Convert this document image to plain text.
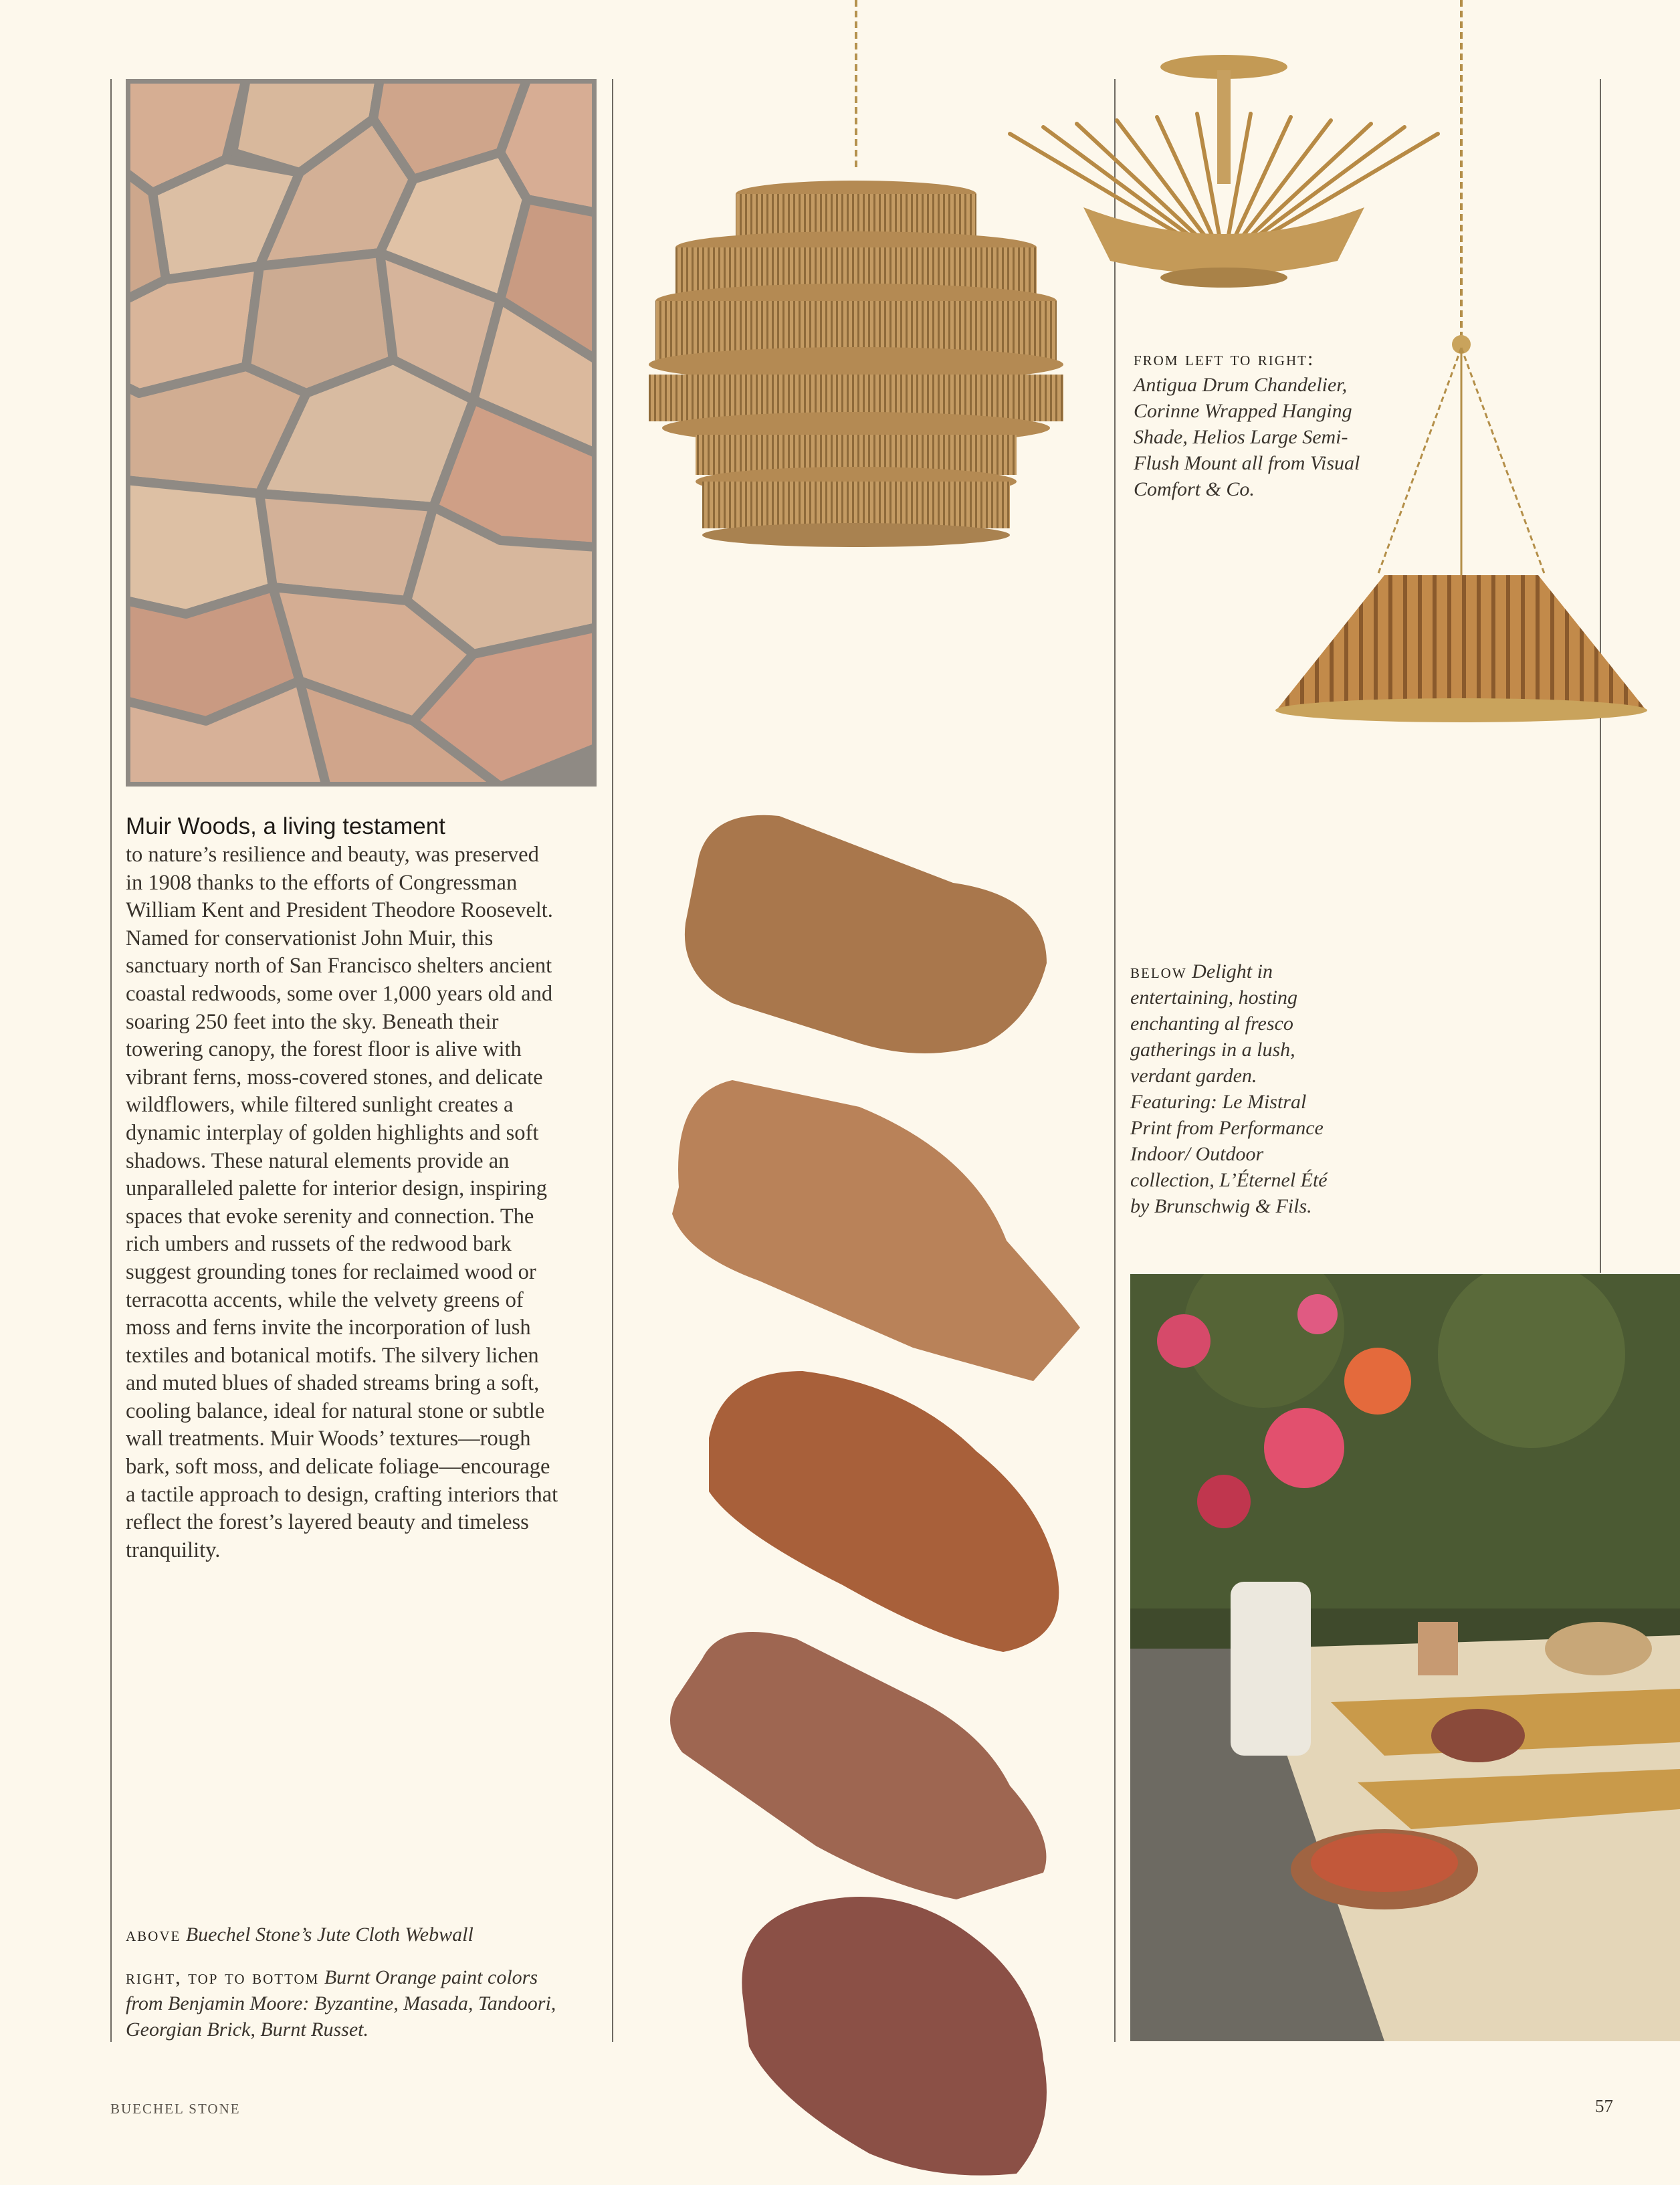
Muir Woods, a living testament

to nature’s resilience and beauty, was preserved in 1908 thanks to the efforts of Congressman William Kent and President Theodore Roosevelt. Named for conservationist John Muir, this sanctuary north of San Francisco shelters ancient coastal redwoods, some over 1,000 years old and soaring 250 feet into the sky. Beneath their towering canopy, the forest floor is alive with vibrant ferns, moss-covered stones, and delicate wildflowers, while filtered sunlight creates a dynamic interplay of golden highlights and soft shadows. These natural elements provide an unparalleled palette for interior design, inspiring spaces that evoke serenity and connection. The rich umbers and russets of the redwood bark suggest grounding tones for reclaimed wood or terracotta accents, while the velvety greens of moss and ferns invite the incorporation of lush textiles and botanical motifs. The silvery lichen and muted blues of shaded streams bring a soft, cooling balance, ideal for natural stone or subtle wall treatments. Muir Woods’ textures—rough bark, soft moss, and delicate foliage—encourage a tactile approach to design, crafting interiors that reflect the forest’s layered beauty and timeless tranquility.

above Buechel Stone’s Jute Cloth Webwall
right, top to bottom Burnt Orange paint colors from Benjamin Moore: Byzantine, Masada, Tandoori, Georgian Brick, Burnt Russet.
from left to right:
Antigua Drum Chandelier, Corinne Wrapped Hanging Shade, Helios Large Semi-Flush Mount all from Visual Comfort & Co.
below Delight in entertaining, hosting enchanting al fresco gatherings in a lush, verdant garden. Featuring: Le Mistral Print from Performance Indoor/ Outdoor collection, L’Éternel Été by Brunschwig & Fils.
BUECHEL STONE	57
